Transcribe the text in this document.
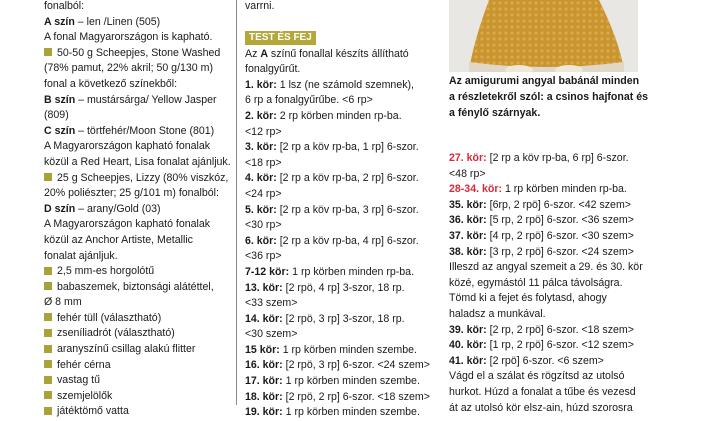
fonalból:
A szín – len /Linen (505)
A fonal Magyarországon is kapható.
50-50 g Scheepjes, Stone Washed
(78% pamut, 22% akril; 50 g/130 m)
fonal a következő színekből:
B szín – mustársárga/ Yellow Jasper
(809)
C szín – törtfehér/Moon Stone (801)
A Magyarországon kapható fonalak
közül a Red Heart, Lisa fonalat ajánljuk.
25 g Scheepjes, Lizzy (80% viszkóz,
20% poliészter; 25 g/101 m) fonalból:
D szín – arany/Gold (03)
A Magyarországon kapható fonalak
közül az Anchor Artiste, Metallic
fonalat ajánljuk.
2,5 mm-es horgolótű
babaszemek, biztonsági alátéttel,
Ø 8 mm
fehér tüll (választható)
zseníliadrót (választható)
aranyszínű csillag alakú flitter
fehér cérna
vastag tű
szemjelölők
játéktömő vatta
varrni.
TEST ÉS FEJ
Az A színű fonallal készíts állítható
fonalgyűrűt.
1. kör: 1 lsz (ne számold szemnek),
6 rp a fonalgyűrűbe. <6 rp>
2. kör: 2 rp körben minden rp-ba.
<12 rp>
3. kör: [2 rp a köv rp-ba, 1 rp] 6-szor.
<18 rp>
4. kör: [2 rp a köv rp-ba, 2 rp] 6-szor.
<24 rp>
5. kör: [2 rp a köv rp-ba, 3 rp] 6-szor.
<30 rp>
6. kör: [2 rp a köv rp-ba, 4 rp] 6-szor.
<36 rp>
7-12 kör: 1 rp körben minden rp-ba.
13. kör: [2 rpö, 4 rp] 3-szor, 18 rp.
<33 szem>
14. kör: [2 rpö, 3 rp] 3-szor, 18 rp.
<30 szem>
15 kör: 1 rp körben minden szembe.
16. kör: [2 rpö, 3 rp] 6-szor. <24 szem>
17. kör: 1 rp körben minden szembe.
18. kör: [2 rpö, 2 rp] 6-szor. <18 szem>
19. kör: 1 rp körben minden szembe.
Az amigurumi angyal babánál minden
a részletekről szól: a csinos hajfonat és
a fénylő szárnyak.
27. kör: [2 rp a köv rp-ba, 6 rp] 6-szor.
<48 rp>
28-34. kör: 1 rp körben minden rp-ba.
35. kör: [6rp, 2 rpö] 6-szor. <42 szem>
36. kör: [5 rp, 2 rpö] 6-szor. <36 szem>
37. kör: [4 rp, 2 rpö] 6-szor. <30 szem>
38. kör: [3 rp, 2 rpö] 6-szor. <24 szem>
Illeszd az angyal szemeit a 29. és 30. kör
közé, egymástól 11 pálca távolságra.
Tömd ki a fejet és folytasd, ahogy
haladsz a munkával.
39. kör: [2 rp, 2 rpö] 6-szor. <18 szem>
40. kör: [1 rp, 2 rpö] 6-szor. <12 szem>
41. kör: [2 rpö] 6-szor. <6 szem>
Vágd el a szálat és rögzítsd az utolsó
hurkot. Húzd a fonalat a tűbe és vezesd
át az utolsó kör elsz-ain, húzd szorosra
